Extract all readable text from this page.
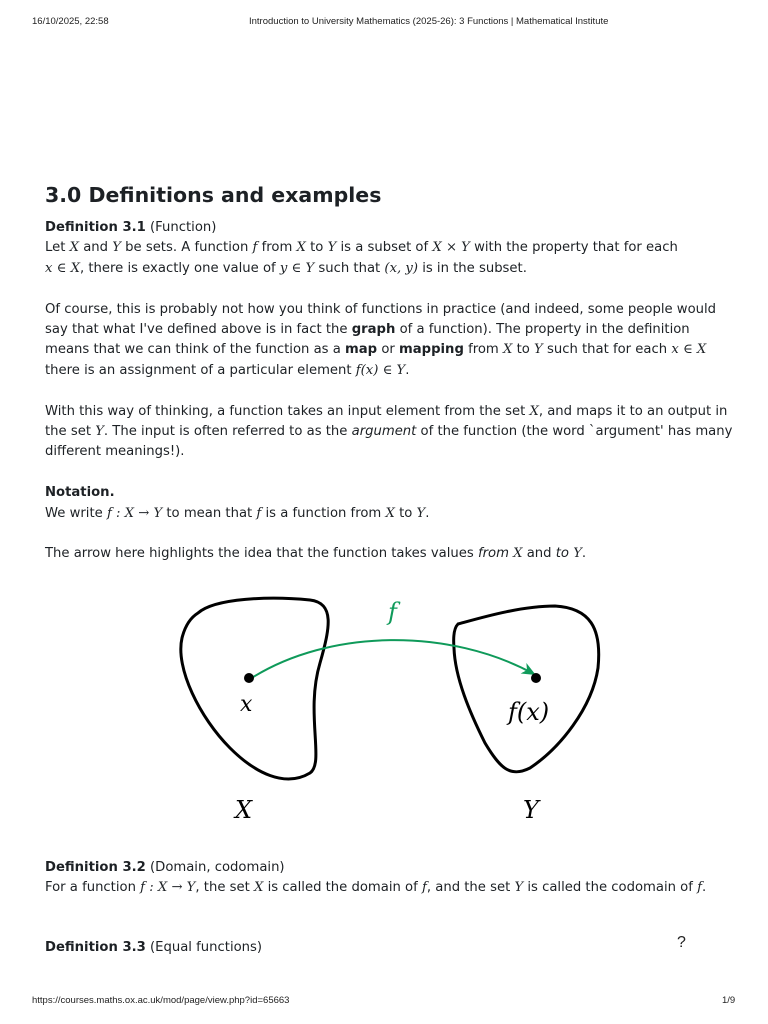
16/10/2025, 22:58	Introduction to University Mathematics (2025-26): 3 Functions | Mathematical Institute
3.0 Definitions and examples

Definition 3.1 (Function)

Let X and Y be sets. A function f from X to Y is a subset of X × Y with the property that for each
x ∈ X, there is exactly one value of y ∈ Y such that (x, y) is in the subset.

Of course, this is probably not how you think of functions in practice (and indeed, some people would say that what I've defined above is in fact the graph of a function). The property in the definition means that we can think of the function as a map or mapping from X to Y such that for each x ∈ X there is an assignment of a particular element f(x) ∈ Y.

With this way of thinking, a function takes an input element from the set X, and maps it to an output in the set Y. The input is often referred to as the argument of the function (the word `argument' has many different meanings!).

Notation.

We write f : X → Y to mean that f is a function from X to Y.

The arrow here highlights the idea that the function takes values from X and to Y.

f
x	f(x)
X	Y

Definition 3.2 (Domain, codomain)

For a function f : X → Y, the set X is called the domain of f, and the set Y is called the codomain of f.

Definition 3.3 (Equal functions)	?
https://courses.maths.ox.ac.uk/mod/page/view.php?id=65663	1/9
